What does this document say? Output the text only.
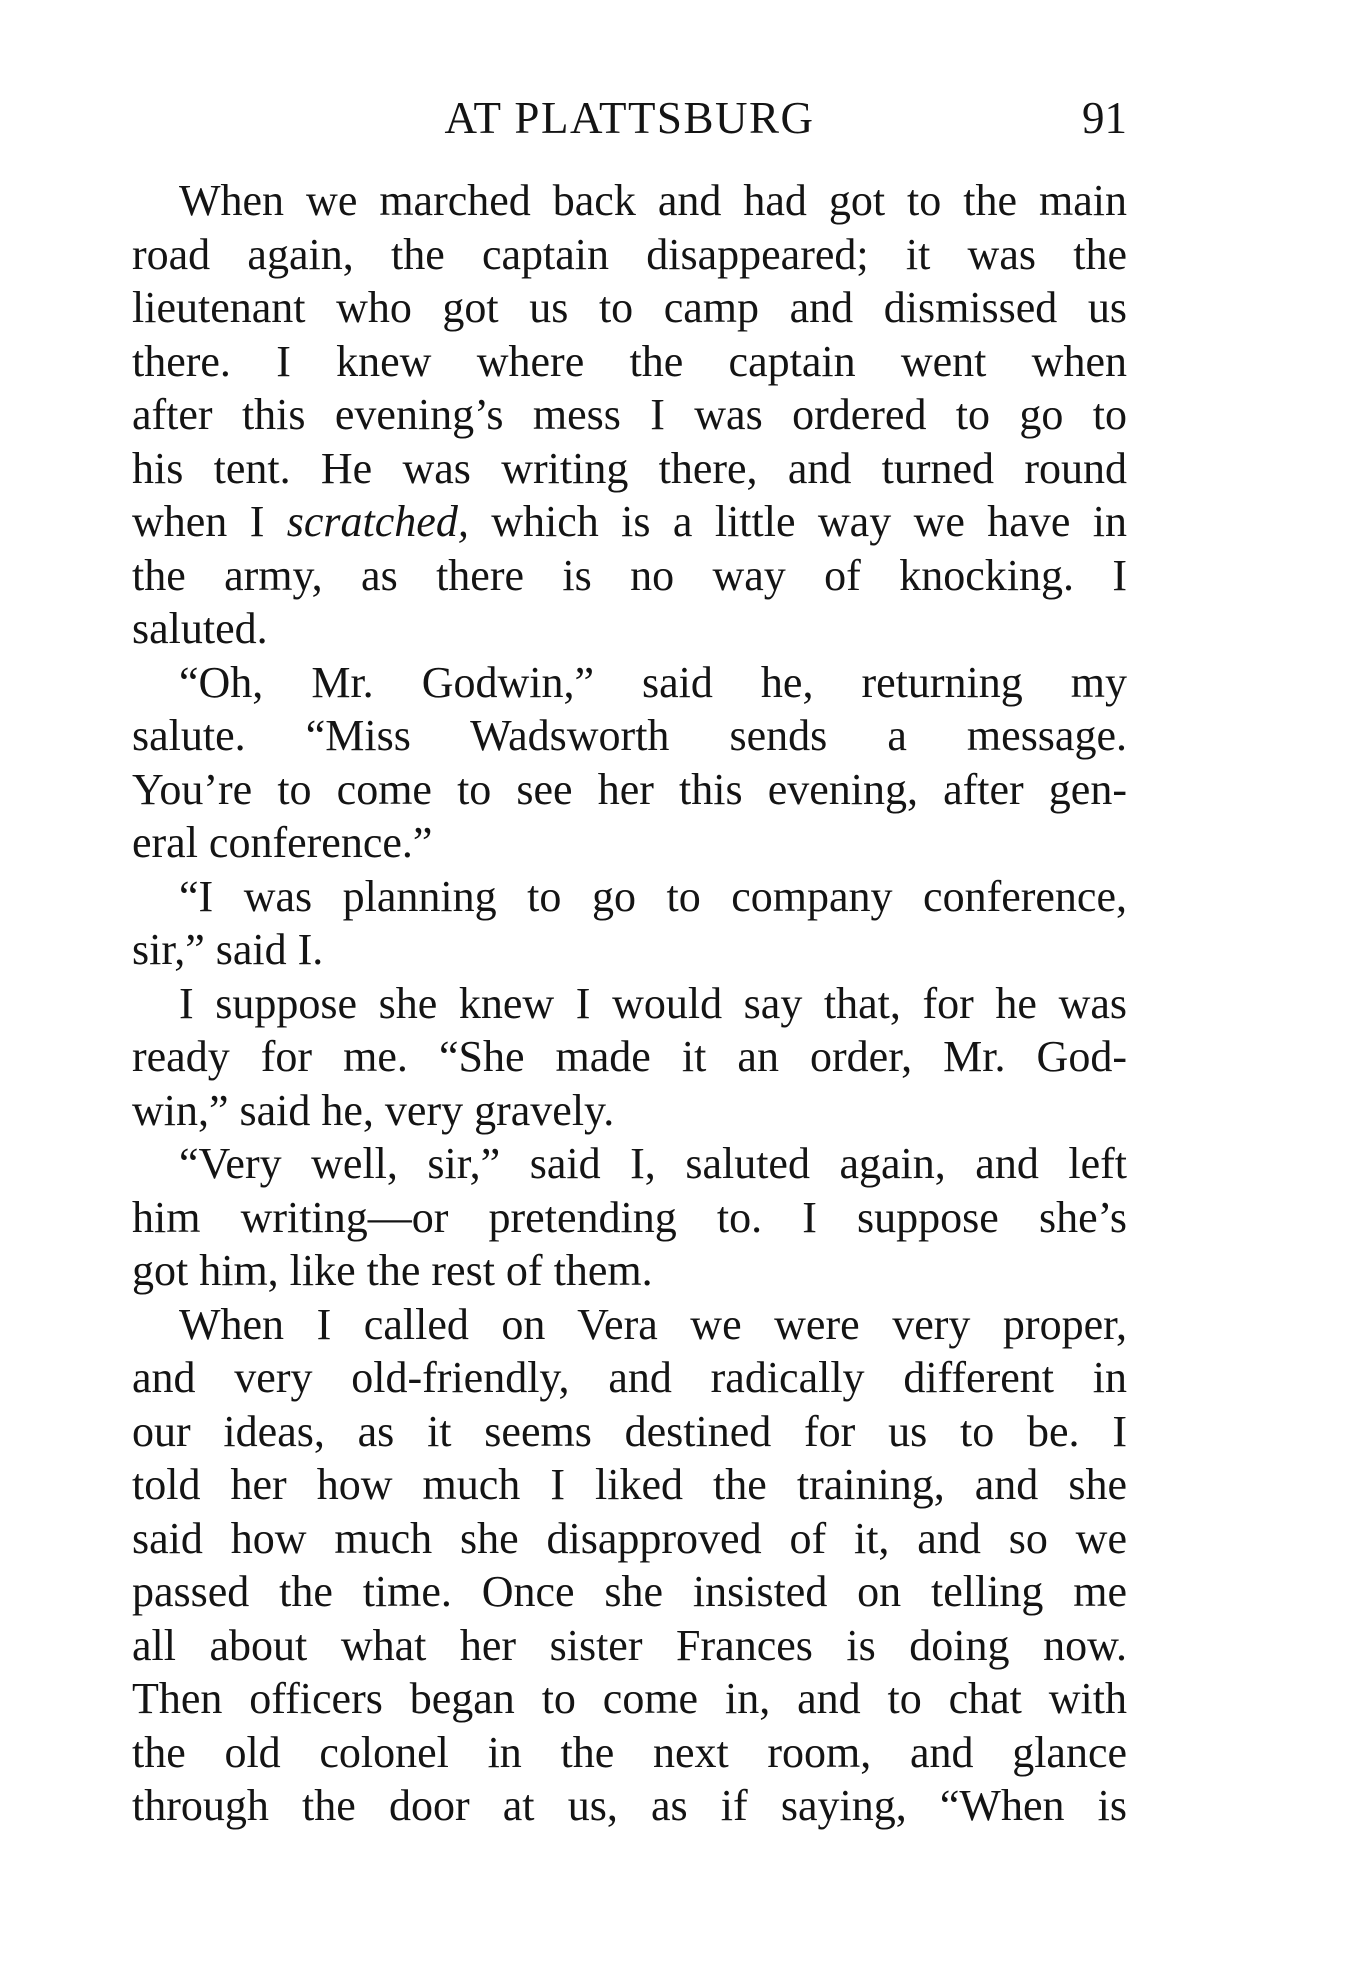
AT PLATTSBURG	91
When we marched back and had got to the main
road again, the captain disappeared; it was the
lieutenant who got us to camp and dismissed us
there. I knew where the captain went when
after this evening’s mess I was ordered to go to
his tent. He was writing there, and turned round
when I scratched, which is a little way we have in
the army, as there is no way of knocking. I
saluted.
“Oh, Mr. Godwin,” said he, returning my
salute. “Miss Wadsworth sends a message.
You’re to come to see her this evening, after gen-
eral conference.”
“I was planning to go to company conference,
sir,” said I.
I suppose she knew I would say that, for he was
ready for me. “She made it an order, Mr. God-
win,” said he, very gravely.
“Very well, sir,” said I, saluted again, and left
him writing—or pretending to. I suppose she’s
got him, like the rest of them.
When I called on Vera we were very proper,
and very old-friendly, and radically different in
our ideas, as it seems destined for us to be. I
told her how much I liked the training, and she
said how much she disapproved of it, and so we
passed the time. Once she insisted on telling me
all about what her sister Frances is doing now.
Then officers began to come in, and to chat with
the old colonel in the next room, and glance
through the door at us, as if saying, “When is
